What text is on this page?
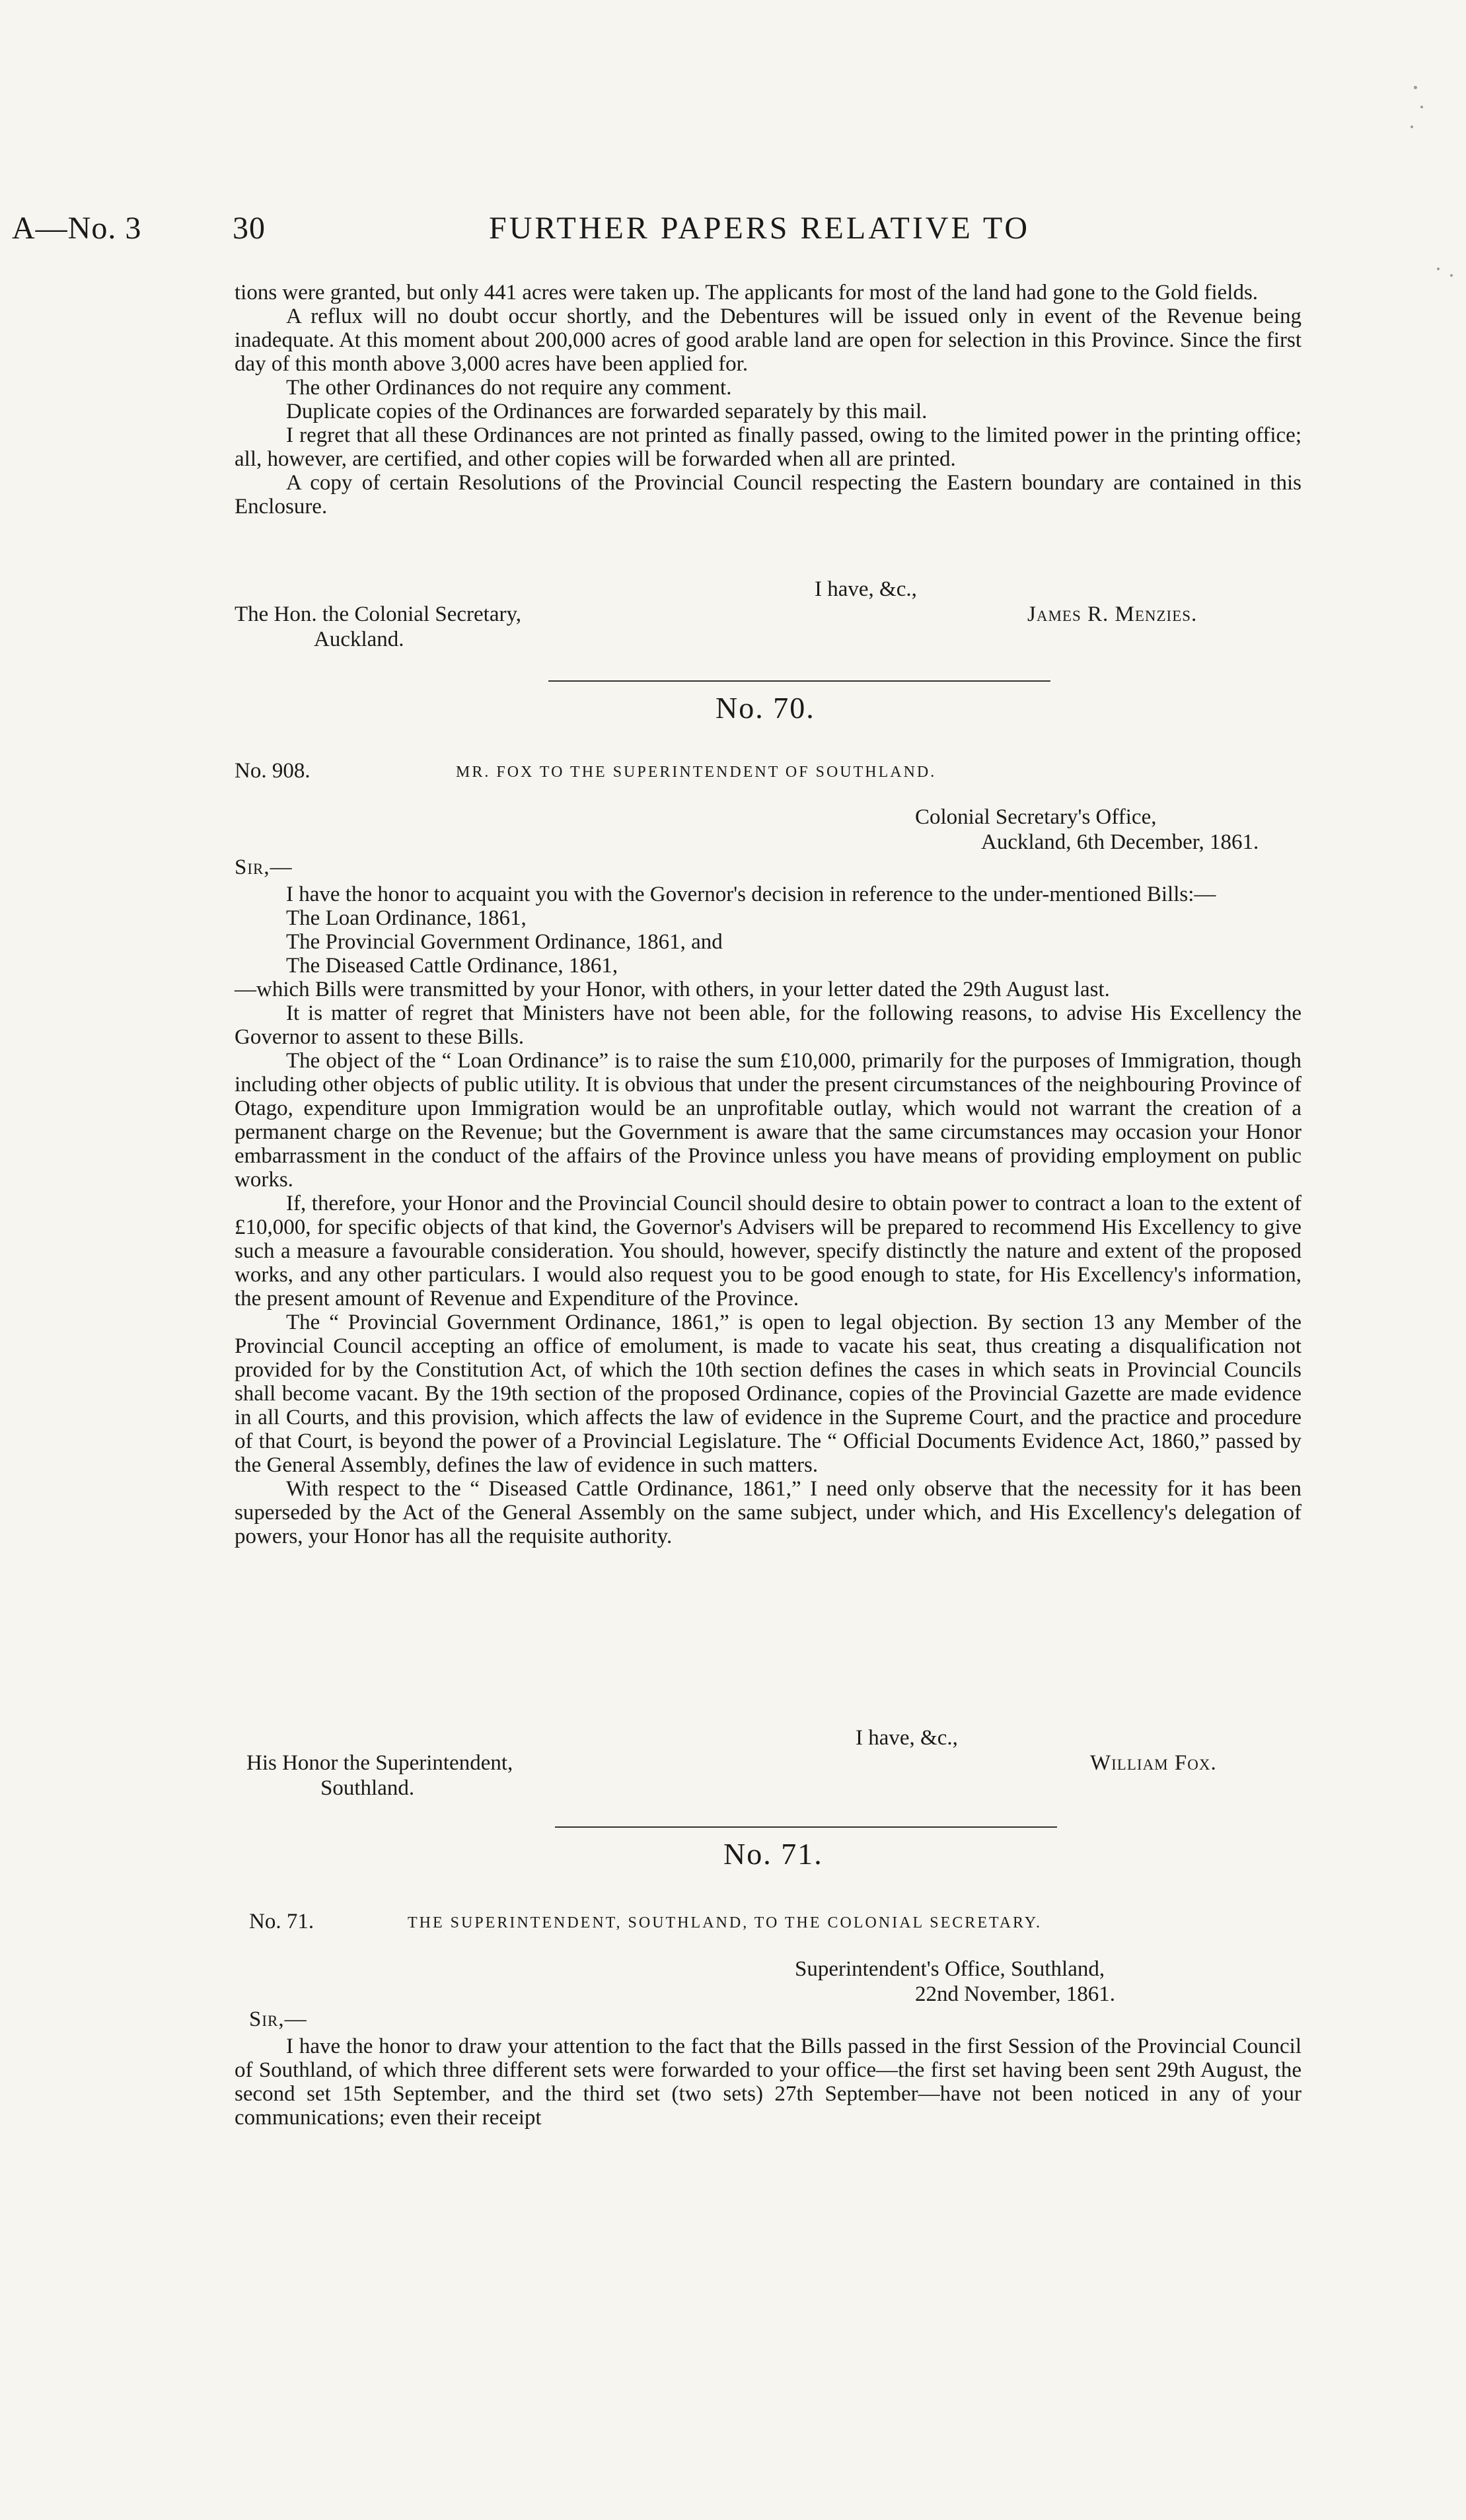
A—No. 3	30	FURTHER PAPERS RELATIVE TO

tions were granted, but only 441 acres were taken up. The applicants for most of the land had gone to the Gold fields.

A reflux will no doubt occur shortly, and the Debentures will be issued only in event of the Revenue being inadequate. At this moment about 200,000 acres of good arable land are open for selection in this Province. Since the first day of this month above 3,000 acres have been applied for.

The other Ordinances do not require any comment.

Duplicate copies of the Ordinances are forwarded separately by this mail.

I regret that all these Ordinances are not printed as finally passed, owing to the limited power in the printing office; all, however, are certified, and other copies will be forwarded when all are printed.

A copy of certain Resolutions of the Provincial Council respecting the Eastern boundary are contained in this Enclosure.

I have, &c.,
The Hon. the Colonial Secretary,	James R. Menzies.
Auckland.
No. 70.
No. 908.	MR. FOX TO THE SUPERINTENDENT OF SOUTHLAND.
Colonial Secretary's Office,
Auckland, 6th December, 1861.
Sir,—

I have the honor to acquaint you with the Governor's decision in reference to the under-mentioned Bills:—

The Loan Ordinance, 1861,

The Provincial Government Ordinance, 1861, and

The Diseased Cattle Ordinance, 1861,

—which Bills were transmitted by your Honor, with others, in your letter dated the 29th August last.

It is matter of regret that Ministers have not been able, for the following reasons, to advise His Excellency the Governor to assent to these Bills.

The object of the “ Loan Ordinance” is to raise the sum £10,000, primarily for the purposes of Immigration, though including other objects of public utility. It is obvious that under the present circumstances of the neighbouring Province of Otago, expenditure upon Immigration would be an unprofitable outlay, which would not warrant the creation of a permanent charge on the Revenue; but the Government is aware that the same circumstances may occasion your Honor embarrassment in the conduct of the affairs of the Province unless you have means of providing employment on public works.

If, therefore, your Honor and the Provincial Council should desire to obtain power to contract a loan to the extent of £10,000, for specific objects of that kind, the Governor's Advisers will be prepared to recommend His Excellency to give such a measure a favourable consideration. You should, however, specify distinctly the nature and extent of the proposed works, and any other particulars. I would also request you to be good enough to state, for His Excellency's information, the present amount of Revenue and Expenditure of the Province.

The “ Provincial Government Ordinance, 1861,” is open to legal objection. By section 13 any Member of the Provincial Council accepting an office of emolument, is made to vacate his seat, thus creating a disqualification not provided for by the Constitution Act, of which the 10th section defines the cases in which seats in Provincial Councils shall become vacant. By the 19th section of the proposed Ordinance, copies of the Provincial Gazette are made evidence in all Courts, and this provision, which affects the law of evidence in the Supreme Court, and the practice and procedure of that Court, is beyond the power of a Provincial Legislature. The “ Official Documents Evidence Act, 1860,” passed by the General Assembly, defines the law of evidence in such matters.

With respect to the “ Diseased Cattle Ordinance, 1861,” I need only observe that the necessity for it has been superseded by the Act of the General Assembly on the same subject, under which, and His Excellency's delegation of powers, your Honor has all the requisite authority.

I have, &c.,
His Honor the Superintendent,	William Fox.
Southland.
No. 71.
No. 71.	THE SUPERINTENDENT, SOUTHLAND, TO THE COLONIAL SECRETARY.
Superintendent's Office, Southland,
22nd November, 1861.
Sir,—

I have the honor to draw your attention to the fact that the Bills passed in the first Session of the Provincial Council of Southland, of which three different sets were forwarded to your office—the first set having been sent 29th August, the second set 15th September, and the third set (two sets) 27th September—have not been noticed in any of your communications; even their receipt
